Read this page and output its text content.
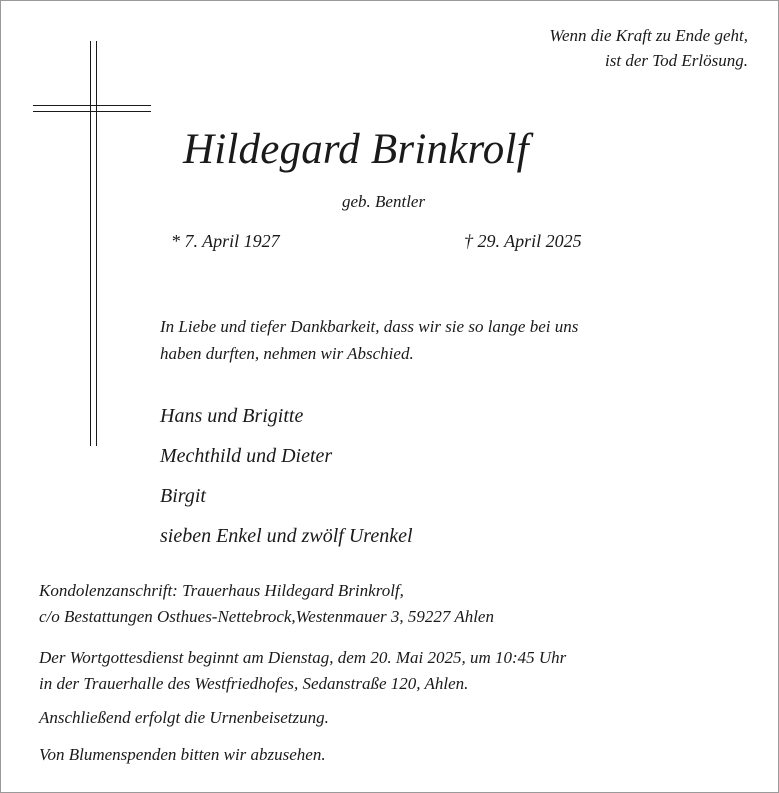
Wenn die Kraft zu Ende geht,
ist der Tod Erlösung.
Hildegard Brinkrolf
geb. Bentler
* 7. April 1927	† 29. April 2025
In Liebe und tiefer Dankbarkeit, dass wir sie so lange bei uns
haben durften, nehmen wir Abschied.
Hans und Brigitte
Mechthild und Dieter
Birgit
sieben Enkel und zwölf Urenkel
Kondolenzanschrift: Trauerhaus Hildegard Brinkrolf,
c/o Bestattungen Osthues-Nettebrock,Westenmauer 3, 59227 Ahlen
Der Wortgottesdienst beginnt am Dienstag, dem 20. Mai 2025, um 10:45 Uhr
in der Trauerhalle des Westfriedhofes, Sedanstraße 120, Ahlen.
Anschließend erfolgt die Urnenbeisetzung.
Von Blumenspenden bitten wir abzusehen.
